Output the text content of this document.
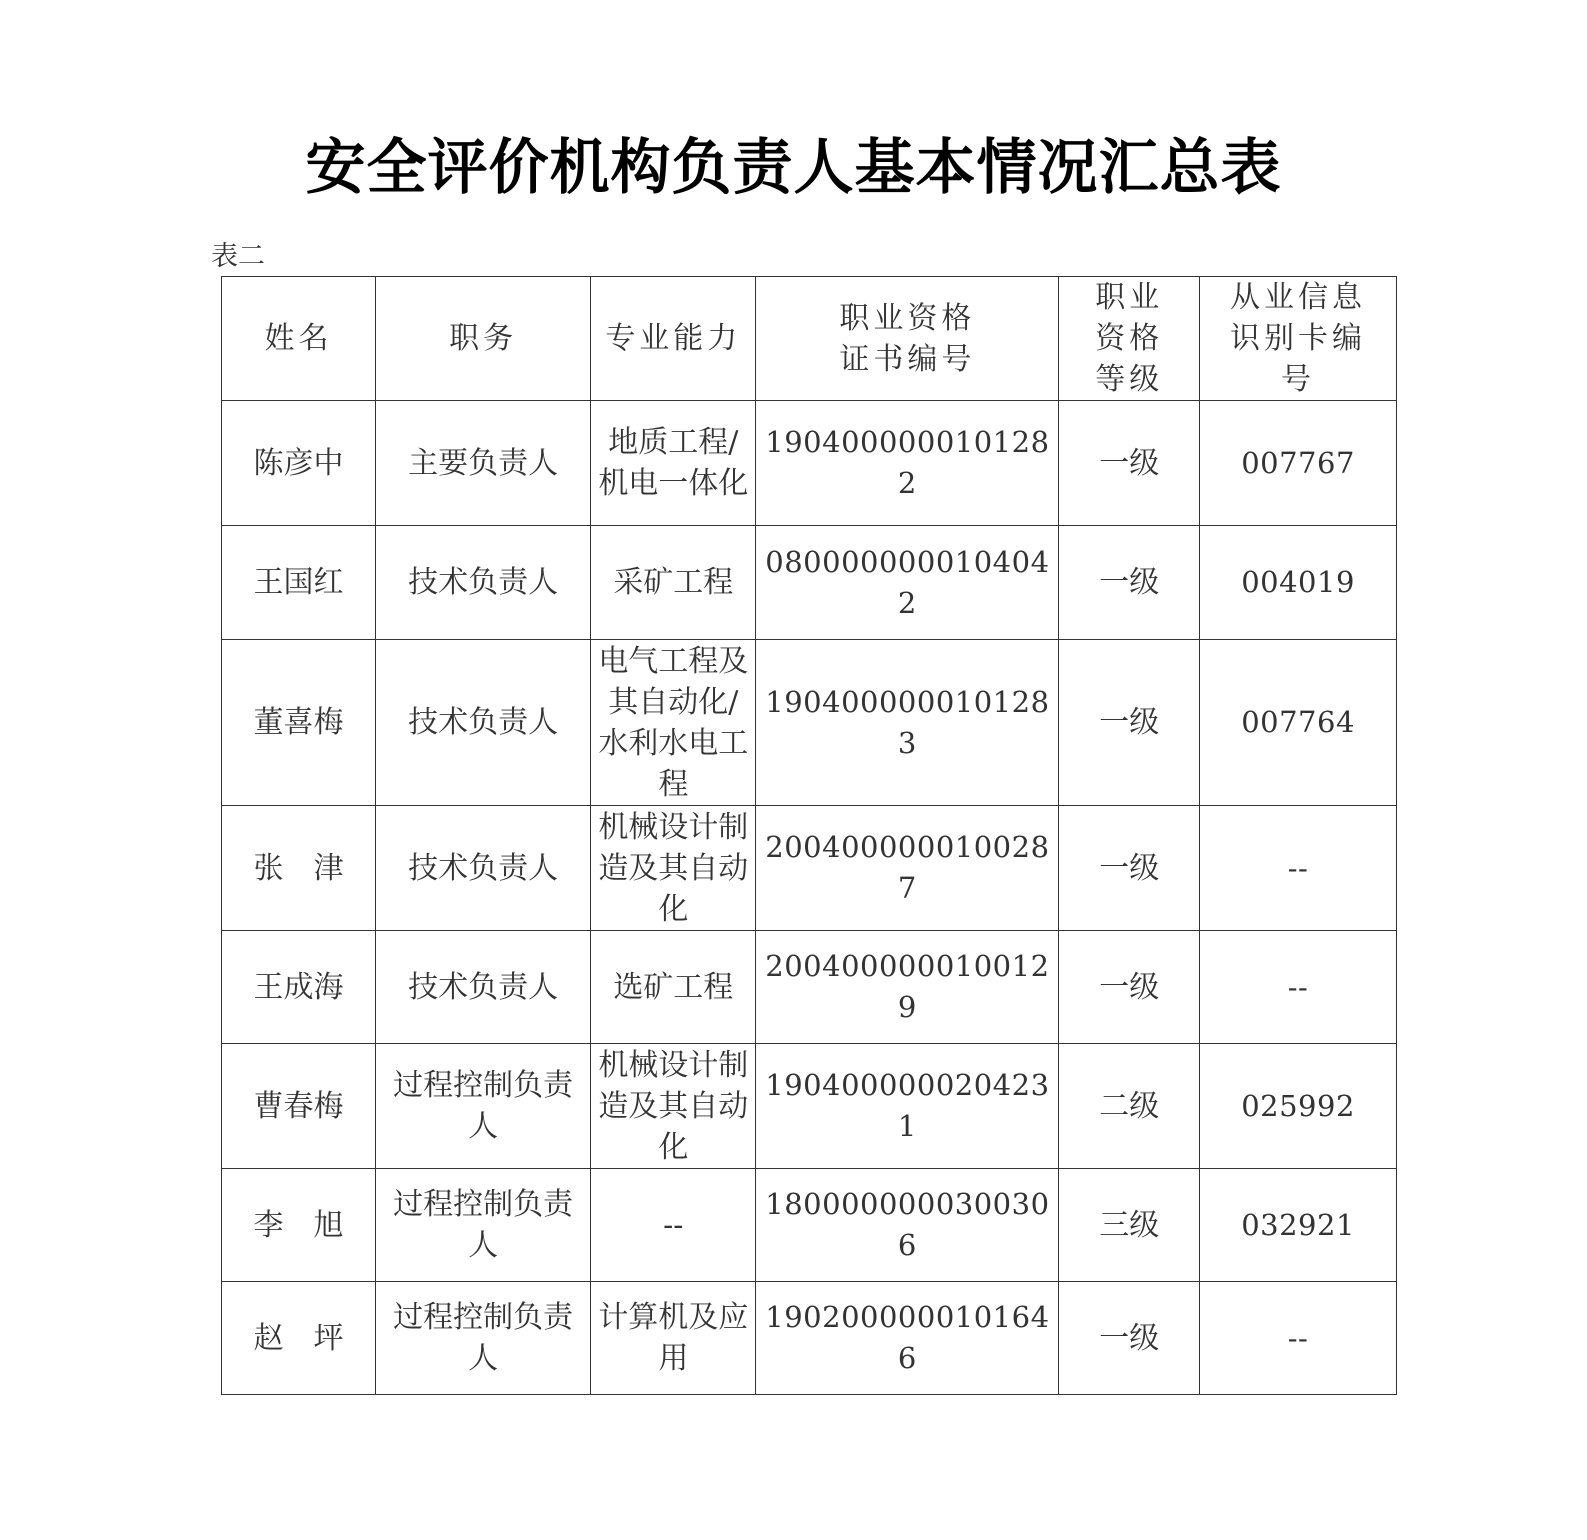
安全评价机构负责人基本情况汇总表
表二
姓名	职务	专业能力	职业资格证书编号	职业资格等级	从业信息识别卡编号
陈彦中	主要负责人	地质工程/机电一体化	1904000000101282	一级	007767
王国红	技术负责人	采矿工程	0800000000104042	一级	004019
董喜梅	技术负责人	电气工程及其自动化/水利水电工程	1904000000101283	一级	007764
张　津	技术负责人	机械设计制造及其自动化	2004000000100287	一级	--
王成海	技术负责人	选矿工程	2004000000100129	一级	--
曹春梅	过程控制负责人	机械设计制造及其自动化	1904000000204231	二级	025992
李　旭	过程控制负责人	--	1800000000300306	三级	032921
赵　坪	过程控制负责人	计算机及应用	1902000000101646	一级	--
